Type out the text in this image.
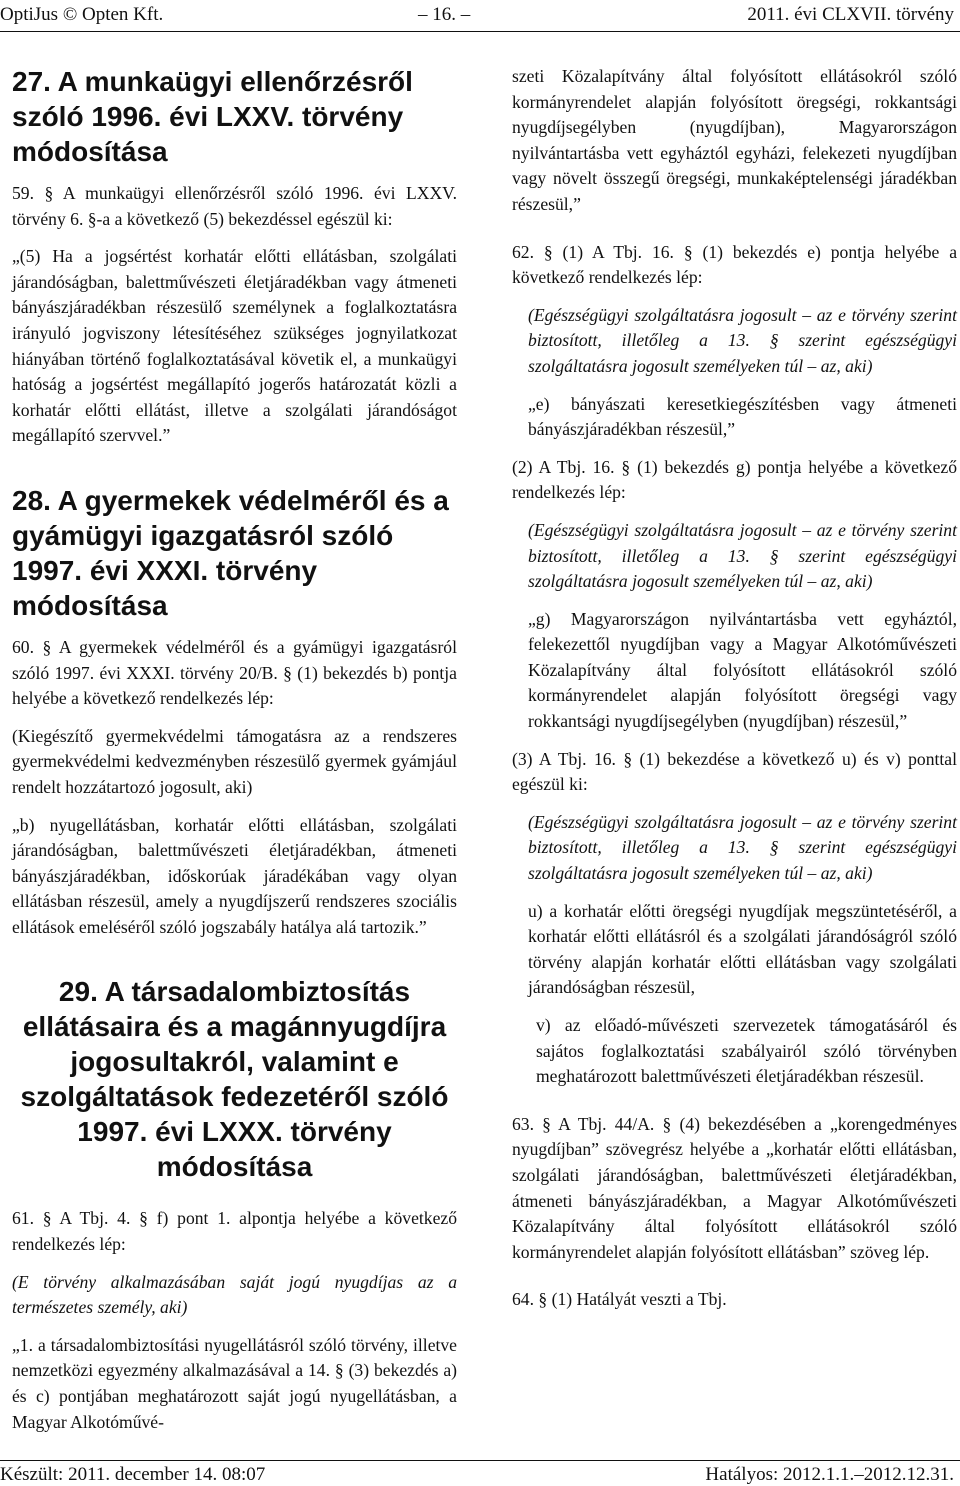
OptiJus © Opten Kft.	– 16. –	2011. évi CLXVII. törvény

27. A munkaügyi ellenőrzésről szóló 1996. évi LXXV. törvény módosítása

59. § A munkaügyi ellenőrzésről szóló 1996. évi LXXV. törvény 6. §-a a következő (5) bekezdéssel egészül ki:

„(5) Ha a jogsértést korhatár előtti ellátásban, szolgálati járandóságban, balettművészeti életjáradékban vagy átmeneti bányászjáradékban részesülő személynek a foglalkoztatásra irányuló jogviszony létesítéséhez szükséges jognyilatkozat hiányában történő foglalkoztatásával követik el, a munkaügyi hatóság a jogsértést megállapító jogerős határozatát közli a korhatár előtti ellátást, illetve a szolgálati járandóságot megállapító szervvel.”

28. A gyermekek védelméről és a gyámügyi igazgatásról szóló 1997. évi XXXI. törvény módosítása

60. § A gyermekek védelméről és a gyámügyi igazgatásról szóló 1997. évi XXXI. törvény 20/B. § (1) bekezdés b) pontja helyébe a következő rendelkezés lép:

(Kiegészítő gyermekvédelmi támogatásra az a rendszeres gyermekvédelmi kedvezményben részesülő gyermek gyámjául rendelt hozzátartozó jogosult, aki)

„b) nyugellátásban, korhatár előtti ellátásban, szolgálati járandóságban, balettművészeti életjáradékban, átmeneti bányászjáradékban, időskorúak járadékában vagy olyan ellátásban részesül, amely a nyugdíjszerű rendszeres szociális ellátások emeléséről szóló jogszabály hatálya alá tartozik.”

29. A társadalombiztosítás ellátásaira és a magánnyugdíjra jogosultakról, valamint e szolgáltatások fedezetéről szóló 1997. évi LXXX. törvény módosítása

61. § A Tbj. 4. § f) pont 1. alpontja helyébe a következő rendelkezés lép:

(E törvény alkalmazásában saját jogú nyugdíjas az a természetes személy, aki)

„1. a társadalombiztosítási nyugellátásról szóló törvény, illetve nemzetközi egyezmény alkalmazásával a 14. § (3) bekezdés a) és c) pontjában meghatározott saját jogú nyugellátásban, a Magyar Alkotóművé-

szeti Közalapítvány által folyósított ellátásokról szóló kormányrendelet alapján folyósított öregségi, rokkantsági nyugdíjsegélyben (nyugdíjban), Magyarországon nyilvántartásba vett egyháztól egyházi, felekezeti nyugdíjban vagy növelt összegű öregségi, munkaképtelenségi járadékban részesül,”

62. § (1) A Tbj. 16. § (1) bekezdés e) pontja helyébe a következő rendelkezés lép:

(Egészségügyi szolgáltatásra jogosult – az e törvény szerint biztosított, illetőleg a 13. § szerint egészségügyi szolgáltatásra jogosult személyeken túl – az, aki)

„e) bányászati keresetkiegészítésben vagy átmeneti bányászjáradékban részesül,”

(2) A Tbj. 16. § (1) bekezdés g) pontja helyébe a következő rendelkezés lép:

(Egészségügyi szolgáltatásra jogosult – az e törvény szerint biztosított, illetőleg a 13. § szerint egészségügyi szolgáltatásra jogosult személyeken túl – az, aki)

„g) Magyarországon nyilvántartásba vett egyháztól, felekezettől nyugdíjban vagy a Magyar Alkotóművészeti Közalapítvány által folyósított ellátásokról szóló kormányrendelet alapján folyósított öregségi vagy rokkantsági nyugdíjsegélyben (nyugdíjban) részesül,”

(3) A Tbj. 16. § (1) bekezdése a következő u) és v) ponttal egészül ki:

(Egészségügyi szolgáltatásra jogosult – az e törvény szerint biztosított, illetőleg a 13. § szerint egészségügyi szolgáltatásra jogosult személyeken túl – az, aki)

u) a korhatár előtti öregségi nyugdíjak megszüntetéséről, a korhatár előtti ellátásról és a szolgálati járandóságról szóló törvény alapján korhatár előtti ellátásban vagy szolgálati járandóságban részesül,

v) az előadó-művészeti szervezetek támogatásáról és sajátos foglalkoztatási szabályairól szóló törvényben meghatározott balettművészeti életjáradékban részesül.

63. § A Tbj. 44/A. § (4) bekezdésében a „korengedményes nyugdíjban” szövegrész helyébe a „korhatár előtti ellátásban, szolgálati járandóságban, balettművészeti életjáradékban, átmeneti bányászjáradékban, a Magyar Alkotóművészeti Közalapítvány által folyósított ellátásokról szóló kormányrendelet alapján folyósított ellátásban” szöveg lép.

64. § (1) Hatályát veszti a Tbj.

Készült: 2011. december 14. 08:07	Hatályos: 2012.1.1.–2012.12.31.
